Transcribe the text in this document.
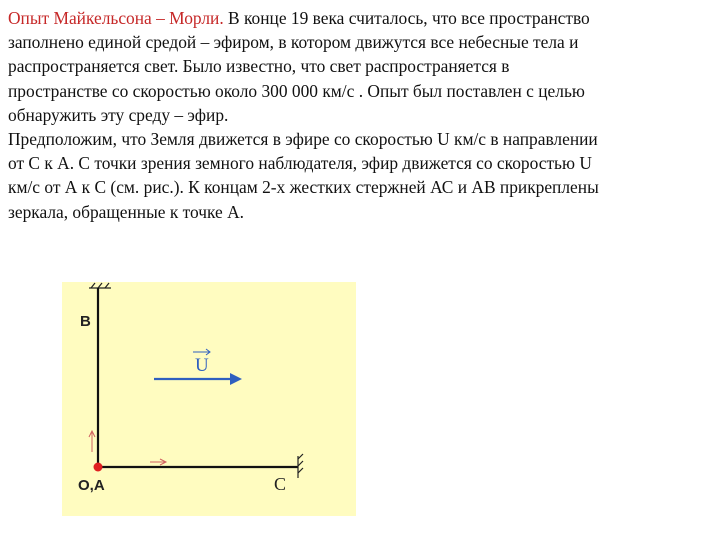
Опыт Майкельсона – Морли. В конце 19 века считалось, что все пространство
заполнено единой средой – эфиром, в котором движутся все небесные тела и
распространяется свет. Было известно, что свет распространяется в
пространстве со скоростью около 300 000 км/с . Опыт был поставлен с целью
обнаружить эту среду – эфир.
Предположим, что Земля движется в эфире со скоростью U км/с в направлении
от С к А. С точки зрения земного наблюдателя, эфир движется со скоростью U
км/с от А к С (см. рис.). К концам 2-х жестких стержней АС и АВ прикреплены
зеркала, обращенные к точке А.
B
U
O,A	C
